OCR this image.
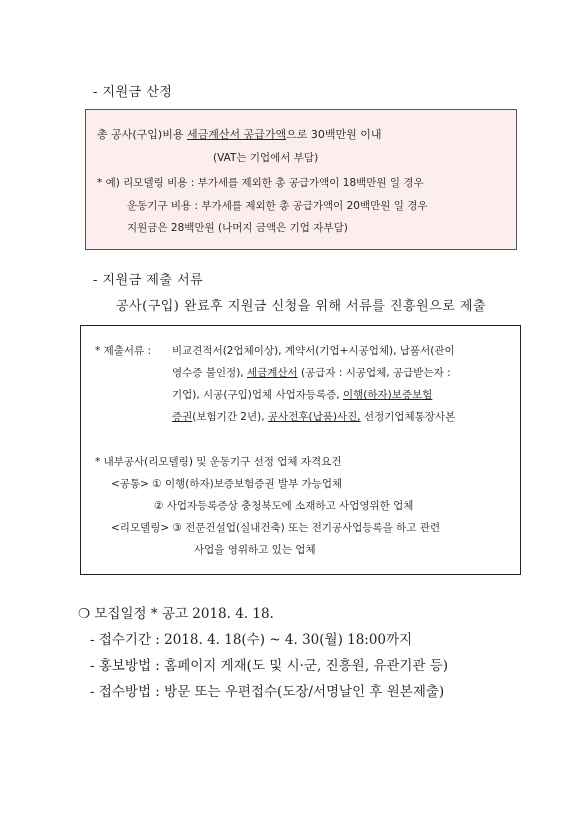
- 지원금 산정
총 공사(구입)비용 세금계산서 공급가액으로 30백만원 이내
(VAT는 기업에서 부담)
* 예) 리모델링 비용 : 부가세를 제외한 총 공급가액이 18백만원 일 경우
운동기구 비용 : 부가세를 제외한 총 공급가액이 20백만원 일 경우
지원금은 28백만원 (나머지 금액은 기업 자부담)
- 지원금 제출 서류
공사(구입) 완료후 지원금 신청을 위해 서류를 진흥원으로 제출
* 제출서류 : 비교견적서(2업체이상), 계약서(기업+시공업체), 납품서(관이
영수증 불인정), 세금계산서 (공급자 : 시공업체, 공급받는자 :
기업), 시공(구입)업체 사업자등록증, 이행(하자)보증보험
증권(보험기간 2년), 공사전후(납품)사진, 선정기업체통장사본
* 내부공사(리모델링) 및 운동기구 선정 업체 자격요건
<공통> ① 이행(하자)보증보험증권 발부 가능업체
② 사업자등록증상 충청북도에 소재하고 사업영위한 업체
<리모델링> ③ 전문건설업(실내건축) 또는 전기공사업등록을 하고 관련
사업을 영위하고 있는 업체
❍ 모집일정 * 공고 2018. 4. 18.
- 접수기간 : 2018. 4. 18(수) ~ 4. 30(월) 18:00까지
- 홍보방법 : 홈페이지 게재(도 및 시·군, 진흥원, 유관기관 등)
- 접수방법 : 방문 또는 우편접수(도장/서명날인 후 원본제출)
